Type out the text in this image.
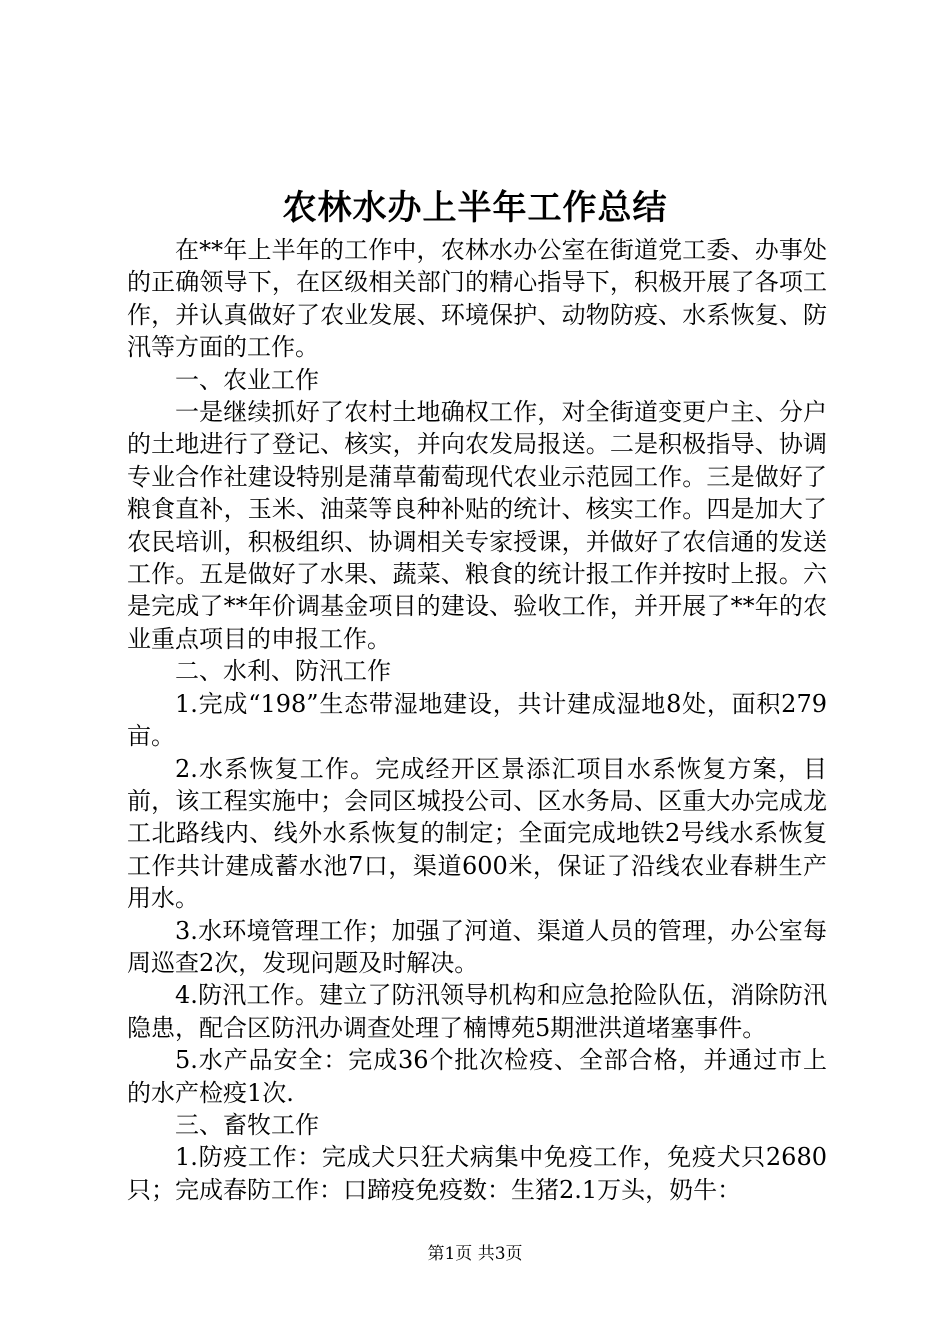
农林水办上半年工作总结

在**年上半年的工作中，农林水办公室在街道党工委、办事处的正确领导下，在区级相关部门的精心指导下，积极开展了各项工作，并认真做好了农业发展、环境保护、动物防疫、水系恢复、防汛等方面的工作。

一、农业工作

一是继续抓好了农村土地确权工作，对全街道变更户主、分户的土地进行了登记、核实，并向农发局报送。二是积极指导、协调专业合作社建设特别是蒲草葡萄现代农业示范园工作。三是做好了粮食直补，玉米、油菜等良种补贴的统计、核实工作。四是加大了农民培训，积极组织、协调相关专家授课，并做好了农信通的发送工作。五是做好了水果、蔬菜、粮食的统计报工作并按时上报。六是完成了**年价调基金项目的建设、验收工作，并开展了**年的农业重点项目的申报工作。

二、水利、防汛工作

1.完成“198”生态带湿地建设，共计建成湿地8处，面积279亩。

2.水系恢复工作。完成经开区景添汇项目水系恢复方案，目前，该工程实施中；会同区城投公司、区水务局、区重大办完成龙工北路线内、线外水系恢复的制定；全面完成地铁2号线水系恢复工作共计建成蓄水池7口，渠道600米，保证了沿线农业春耕生产用水。

3.水环境管理工作；加强了河道、渠道人员的管理，办公室每周巡查2次，发现问题及时解决。

4.防汛工作。建立了防汛领导机构和应急抢险队伍，消除防汛隐患，配合区防汛办调查处理了楠博苑5期泄洪道堵塞事件。

5.水产品安全：完成36个批次检疫、全部合格，并通过市上的水产检疫1次.

三、畜牧工作

1.防疫工作：完成犬只狂犬病集中免疫工作，免疫犬只2680只；完成春防工作：口蹄疫免疫数：生猪2.1万头，奶牛：

第1页 共3页
